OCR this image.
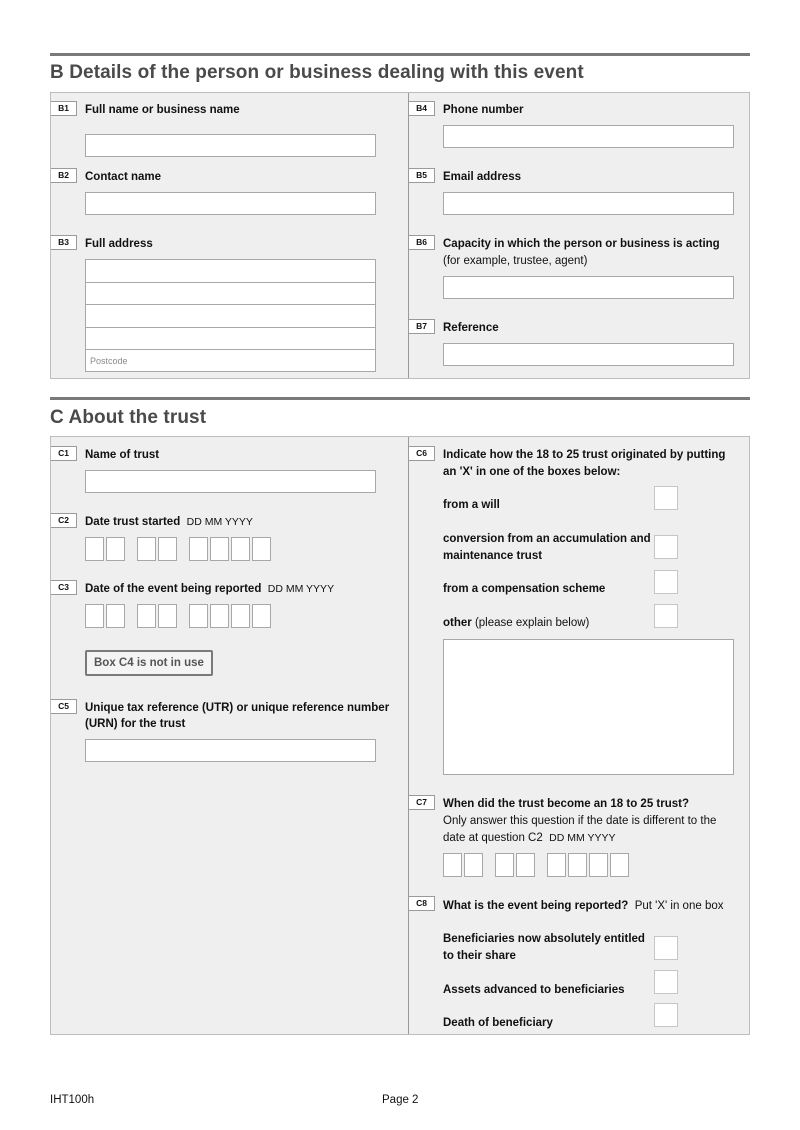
B Details of the person or business dealing with this event
B1	Full name or business name
B2	Contact name
B3	Full address
Postcode
B4	Phone number
B5	Email address
B6	Capacity in which the person or business is acting
(for example, trustee, agent)
B7	Reference
C About the trust
C1	Name of trust
C2	Date trust started DD MM YYYY
C3	Date of the event being reported DD MM YYYY
Box C4 is not in use
C5	Unique tax reference (UTR) or unique reference number
(URN) for the trust
C6	Indicate how the 18 to 25 trust originated by putting
an 'X' in one of the boxes below:
from a will
conversion from an accumulation and
maintenance trust
from a compensation scheme
other (please explain below)
C7	When did the trust become an 18 to 25 trust?
Only answer this question if the date is different to the
date at question C2 DD MM YYYY
C8	What is the event being reported? Put 'X' in one box
Beneficiaries now absolutely entitled
to their share
Assets advanced to beneficiaries
Death of beneficiary
IHT100h	Page 2
